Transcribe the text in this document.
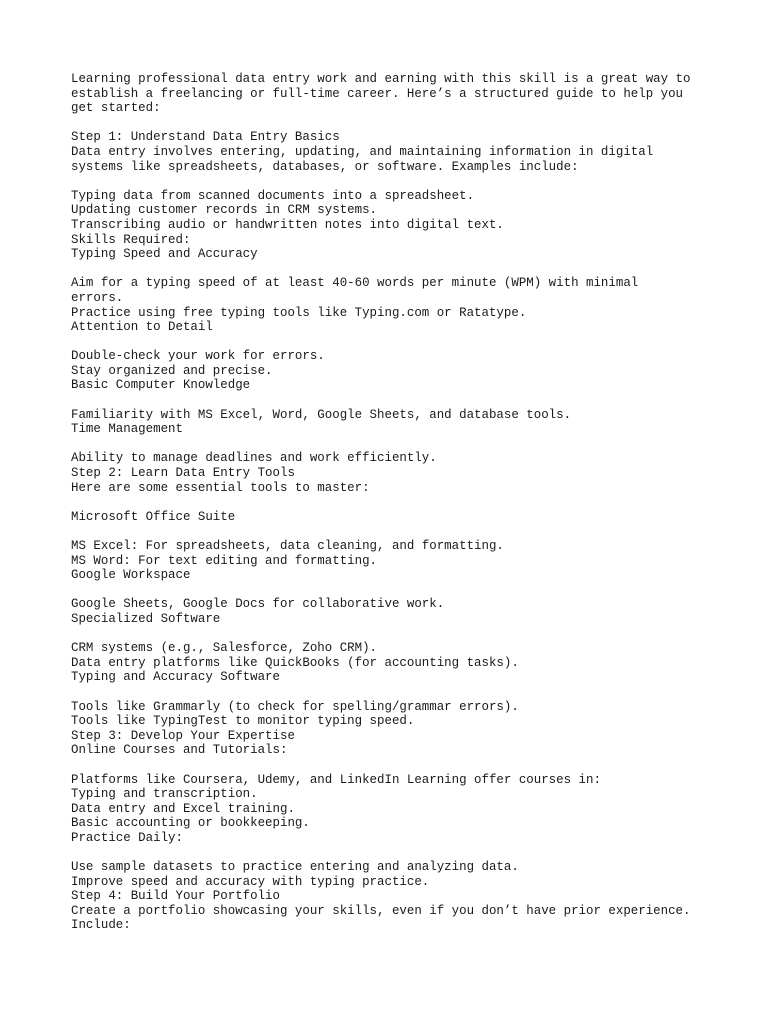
Learning professional data entry work and earning with this skill is a great way to
establish a freelancing or full-time career. Here’s a structured guide to help you
get started:
Step 1: Understand Data Entry Basics
Data entry involves entering, updating, and maintaining information in digital
systems like spreadsheets, databases, or software. Examples include:
Typing data from scanned documents into a spreadsheet.
Updating customer records in CRM systems.
Transcribing audio or handwritten notes into digital text.
Skills Required:
Typing Speed and Accuracy
Aim for a typing speed of at least 40-60 words per minute (WPM) with minimal
errors.
Practice using free typing tools like Typing.com or Ratatype.
Attention to Detail
Double-check your work for errors.
Stay organized and precise.
Basic Computer Knowledge
Familiarity with MS Excel, Word, Google Sheets, and database tools.
Time Management
Ability to manage deadlines and work efficiently.
Step 2: Learn Data Entry Tools
Here are some essential tools to master:
Microsoft Office Suite
MS Excel: For spreadsheets, data cleaning, and formatting.
MS Word: For text editing and formatting.
Google Workspace
Google Sheets, Google Docs for collaborative work.
Specialized Software
CRM systems (e.g., Salesforce, Zoho CRM).
Data entry platforms like QuickBooks (for accounting tasks).
Typing and Accuracy Software
Tools like Grammarly (to check for spelling/grammar errors).
Tools like TypingTest to monitor typing speed.
Step 3: Develop Your Expertise
Online Courses and Tutorials:
Platforms like Coursera, Udemy, and LinkedIn Learning offer courses in:
Typing and transcription.
Data entry and Excel training.
Basic accounting or bookkeeping.
Practice Daily:
Use sample datasets to practice entering and analyzing data.
Improve speed and accuracy with typing practice.
Step 4: Build Your Portfolio
Create a portfolio showcasing your skills, even if you don’t have prior experience.
Include:
